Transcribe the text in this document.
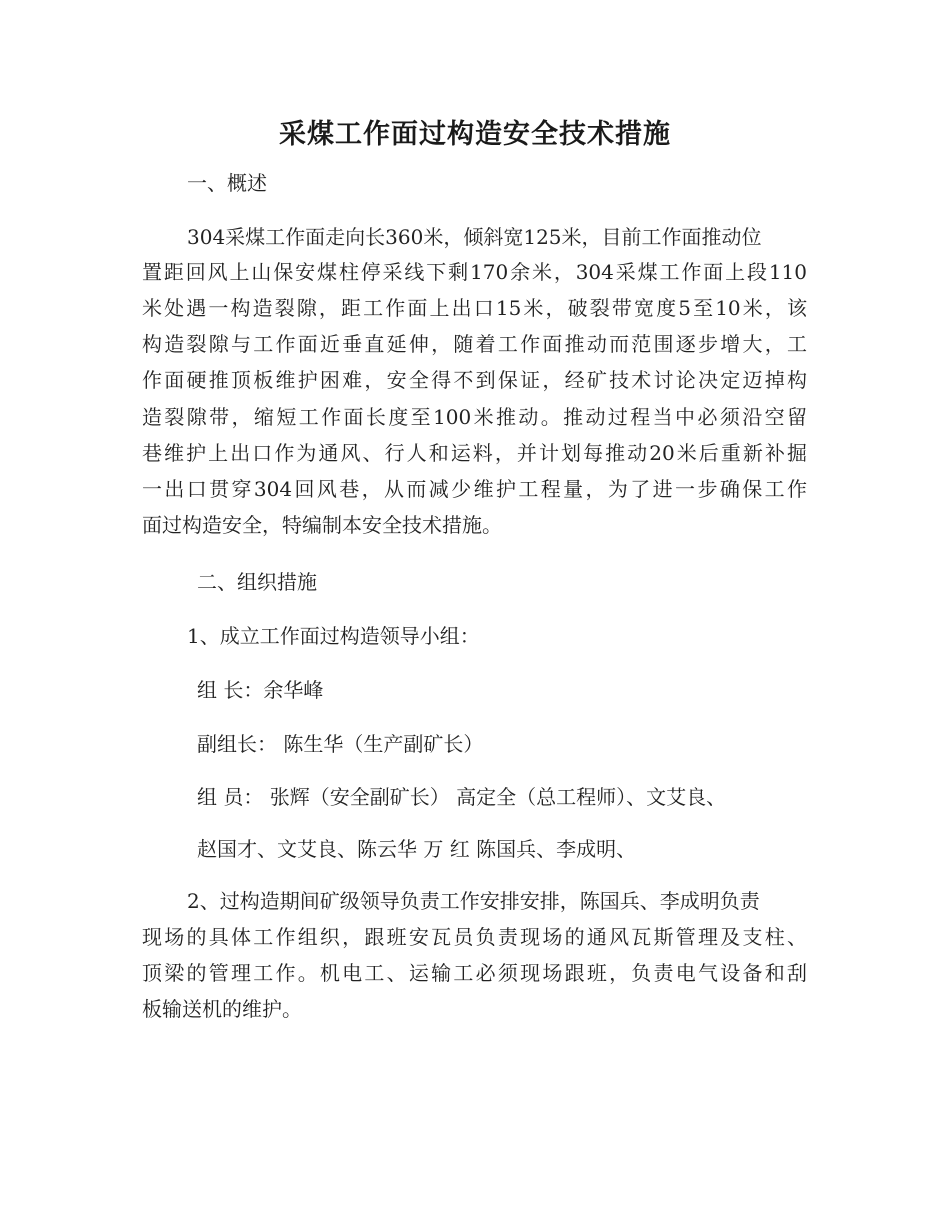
采煤工作面过构造安全技术措施
一、概述
304采煤工作面走向长360米，倾斜宽125米，目前工作面推动位
置距回风上山保安煤柱停采线下剩170余米，304采煤工作面上段110
米处遇一构造裂隙，距工作面上出口15米，破裂带宽度5至10米，该
构造裂隙与工作面近垂直延伸，随着工作面推动而范围逐步增大，工
作面硬推顶板维护困难，安全得不到保证，经矿技术讨论决定迈掉构
造裂隙带，缩短工作面长度至100米推动。推动过程当中必须沿空留
巷维护上出口作为通风、行人和运料，并计划每推动20米后重新补掘
一出口贯穿304回风巷，从而减少维护工程量，为了进一步确保工作
面过构造安全，特编制本安全技术措施。
二、组织措施
1、成立工作面过构造领导小组：
组 长：余华峰
副组长： 陈生华（生产副矿长）
组 员： 张辉（安全副矿长） 高定全（总工程师）、文艾良、
赵国才、文艾良、陈云华 万 红 陈国兵、李成明、
2、过构造期间矿级领导负责工作安排安排，陈国兵、李成明负责
现场的具体工作组织，跟班安瓦员负责现场的通风瓦斯管理及支柱、
顶梁的管理工作。机电工、运输工必须现场跟班，负责电气设备和刮
板输送机的维护。
